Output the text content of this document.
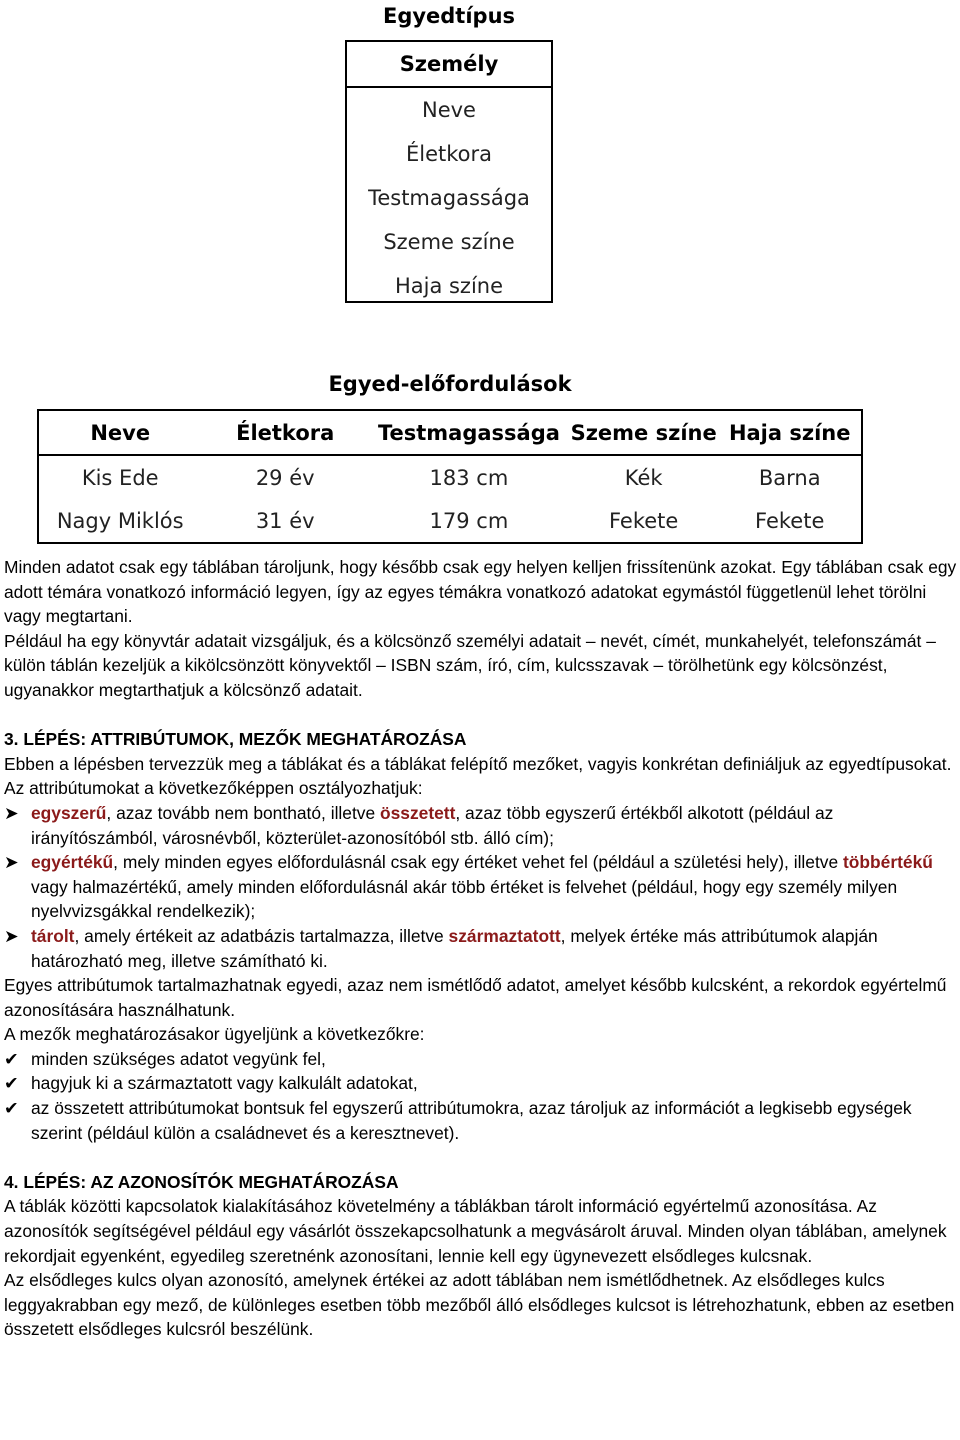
Egyedtípus
Személy
Neve
Életkora
Testmagassága
Szeme színe
Haja színe
Egyed-előfordulások
Neve	Életkora	Testmagassága	Szeme színe	Haja színe
Kis Ede	29 év	183 cm	Kék	Barna
Nagy Miklós	31 év	179 cm	Fekete	Fekete

Minden adatot csak egy táblában tároljunk, hogy később csak egy helyen kelljen frissítenünk azokat. Egy táblában csak egy adott témára vonatkozó információ legyen, így az egyes témákra vonatkozó adatokat egymástól függetlenül lehet törölni vagy megtartani.

Például ha egy könyvtár adatait vizsgáljuk, és a kölcsönző személyi adatait – nevét, címét, munkahelyét, telefonszámát – külön táblán kezeljük a kikölcsönzött könyvektől – ISBN szám, író, cím, kulcsszavak – törölhetünk egy kölcsönzést, ugyanakkor megtarthatjuk a kölcsönző adatait.

3. LÉPÉS: ATTRIBÚTUMOK, MEZŐK MEGHATÁROZÁSA

Ebben a lépésben tervezzük meg a táblákat és a táblákat felépítő mezőket, vagyis konkrétan definiáljuk az egyedtípusokat.

Az attribútumokat a következőképpen osztályozhatjuk:

➤ egyszerű, azaz tovább nem bontható, illetve összetett, azaz több egyszerű értékből alkotott (például az irányítószámból, városnévből, közterület-azonosítóból stb. álló cím);
➤ egyértékű, mely minden egyes előfordulásnál csak egy értéket vehet fel (például a születési hely), illetve többértékű vagy halmazértékű, amely minden előfordulásnál akár több értéket is felvehet (például, hogy egy személy milyen nyelvvizsgákkal rendelkezik);
➤ tárolt, amely értékeit az adatbázis tartalmazza, illetve származtatott, melyek értéke más attribútumok alapján határozható meg, illetve számítható ki.

Egyes attribútumok tartalmazhatnak egyedi, azaz nem ismétlődő adatot, amelyet később kulcsként, a rekordok egyértelmű azonosítására használhatunk.

A mezők meghatározásakor ügyeljünk a következőkre:

✔ minden szükséges adatot vegyünk fel,
✔ hagyjuk ki a származtatott vagy kalkulált adatokat,
✔ az összetett attribútumokat bontsuk fel egyszerű attribútumokra, azaz tároljuk az információt a legkisebb egységek szerint (például külön a családnevet és a keresztnevet).

4. LÉPÉS: AZ AZONOSÍTÓK MEGHATÁROZÁSA

A táblák közötti kapcsolatok kialakításához követelmény a táblákban tárolt információ egyértelmű azonosítása. Az azonosítók segítségével például egy vásárlót összekapcsolhatunk a megvásárolt áruval. Minden olyan táblában, amelynek rekordjait egyenként, egyedileg szeretnénk azonosítani, lennie kell egy ügynevezett elsődleges kulcsnak.

Az elsődleges kulcs olyan azonosító, amelynek értékei az adott táblában nem ismétlődhetnek. Az elsődleges kulcs leggyakrabban egy mező, de különleges esetben több mezőből álló elsődleges kulcsot is létrehozhatunk, ebben az esetben összetett elsődleges kulcsról beszélünk.
